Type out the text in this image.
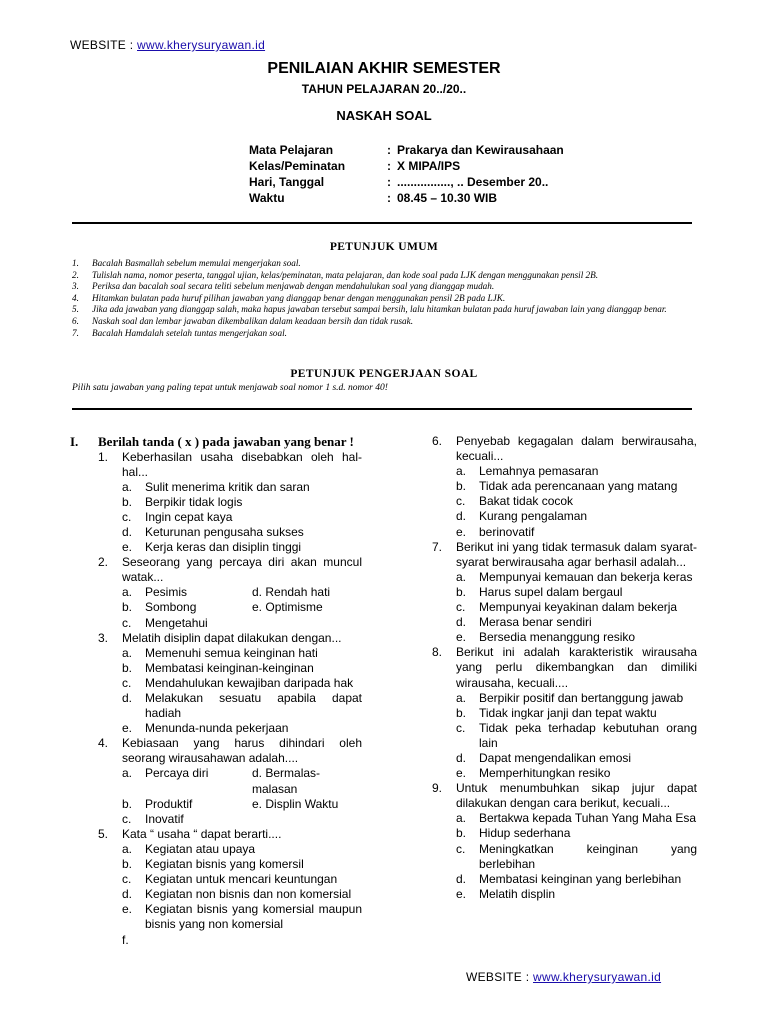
WEBSITE : www.kherysuryawan.id
PENILAIAN AKHIR SEMESTER
TAHUN PELAJARAN 20../20..
NASKAH SOAL
Mata Pelajaran	: Prakarya dan Kewirausahaan
Kelas/Peminatan	: X MIPA/IPS
Hari, Tanggal	: ................, .. Desember 20..
Waktu	: 08.45 – 10.30 WIB
PETUNJUK UMUM
1.	Bacalah Basmallah sebelum memulai mengerjakan soal.
2.	Tulislah nama, nomor peserta, tanggal ujian, kelas/peminatan, mata pelajaran, dan kode soal pada LJK dengan menggunakan pensil 2B.
3.	Periksa dan bacalah soal secara teliti sebelum menjawab dengan mendahulukan soal yang dianggap mudah.
4.	Hitamkan bulatan pada huruf pilihan jawaban yang dianggap benar dengan menggunakan pensil 2B pada LJK.
5.	Jika ada jawaban yang dianggap salah, maka hapus jawaban tersebut sampai bersih, lalu hitamkan bulatan pada huruf jawaban lain yang dianggap benar.
6.	Naskah soal dan lembar jawaban dikembalikan dalam keadaan bersih dan tidak rusak.
7.	Bacalah Hamdalah setelah tuntas mengerjakan soal.
PETUNJUK PENGERJAAN SOAL
Pilih satu jawaban yang paling tepat untuk menjawab soal nomor 1 s.d. nomor 40!
I.	Berilah tanda ( x ) pada jawaban yang benar !
1.	Keberhasilan usaha disebabkan oleh hal-hal...
a.	Sulit menerima kritik dan saran
b.	Berpikir tidak logis
c.	Ingin cepat kaya
d.	Keturunan pengusaha sukses
e.	Kerja keras dan disiplin tinggi
2.	Seseorang yang percaya diri akan muncul watak...
a.	Pesimis	d. Rendah hati
b.	Sombong	e. Optimisme
c.	Mengetahui
3.	Melatih disiplin dapat dilakukan dengan...
a.	Memenuhi semua keinginan hati
b.	Membatasi keinginan-keinginan
c.	Mendahulukan kewajiban daripada hak
d.	Melakukan sesuatu apabila dapat hadiah
e.	Menunda-nunda pekerjaan
4.	Kebiasaan yang harus dihindari oleh seorang wirausahawan adalah....
a.	Percaya diri	d. Bermalas-malasan
b.	Produktif	e. Displin Waktu
c.	Inovatif
5.	Kata “ usaha “ dapat berarti....
a.	Kegiatan atau upaya
b.	Kegiatan bisnis yang komersil
c.	Kegiatan untuk mencari keuntungan
d.	Kegiatan non bisnis dan non komersial
e.	Kegiatan bisnis yang komersial maupun bisnis yang non komersial
f.
6.	Penyebab kegagalan dalam berwirausaha, kecuali...
a.	Lemahnya pemasaran
b.	Tidak ada perencanaan yang matang
c.	Bakat tidak cocok
d.	Kurang pengalaman
e.	berinovatif
7.	Berikut ini yang tidak termasuk dalam syarat-syarat berwirausaha agar berhasil adalah...
a.	Mempunyai kemauan dan bekerja keras
b.	Harus supel dalam bergaul
c.	Mempunyai keyakinan dalam bekerja
d.	Merasa benar sendiri
e.	Bersedia menanggung resiko
8.	Berikut ini adalah karakteristik wirausaha yang perlu dikembangkan dan dimiliki wirausaha, kecuali....
a.	Berpikir positif dan bertanggung jawab
b.	Tidak ingkar janji dan tepat waktu
c.	Tidak peka terhadap kebutuhan orang lain
d.	Dapat mengendalikan emosi
e.	Memperhitungkan resiko
9.	Untuk menumbuhkan sikap jujur dapat dilakukan dengan cara berikut, kecuali...
a.	Bertakwa kepada Tuhan Yang Maha Esa
b.	Hidup sederhana
c.	Meningkatkan keinginan yang berlebihan
d.	Membatasi keinginan yang berlebihan
e.	Melatih displin
WEBSITE : www.kherysuryawan.id
